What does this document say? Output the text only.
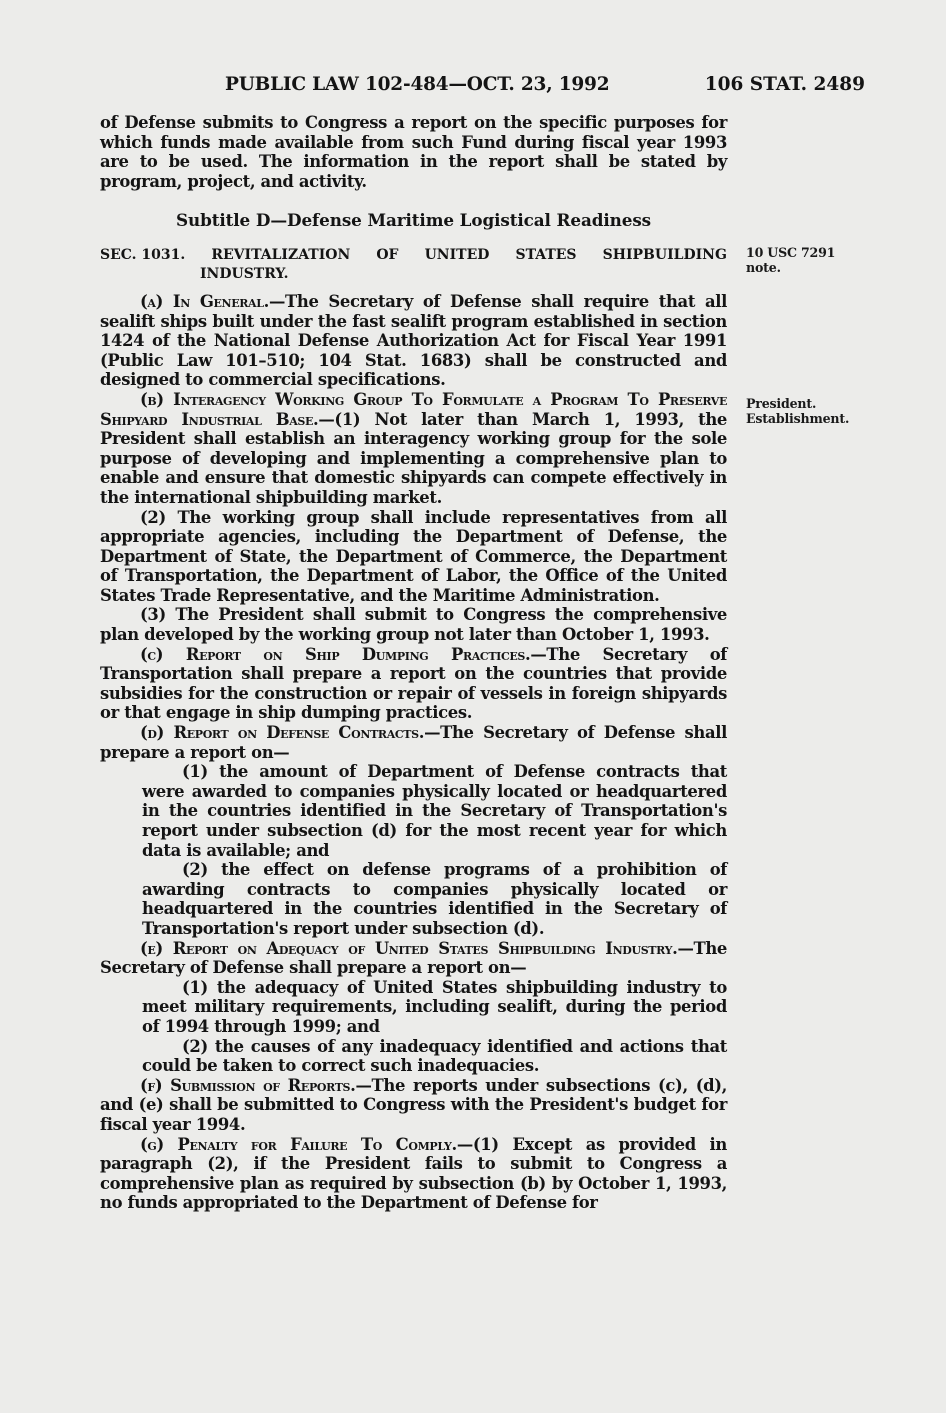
PUBLIC LAW 102-484—OCT. 23, 1992	106 STAT. 2489

of Defense submits to Congress a report on the specific purposes for which funds made available from such Fund during fiscal year 1993 are to be used. The information in the report shall be stated by program, project, and activity.

Subtitle D—Defense Maritime Logistical Readiness
SEC. 1031. REVITALIZATION OF UNITED STATES SHIPBUILDING
INDUSTRY.

(a) In General.—The Secretary of Defense shall require that all sealift ships built under the fast sealift program established in section 1424 of the National Defense Authorization Act for Fiscal Year 1991 (Public Law 101–510; 104 Stat. 1683) shall be constructed and designed to commercial specifications.

(b) Interagency Working Group To Formulate a Program To Preserve Shipyard Industrial Base.—(1) Not later than March 1, 1993, the President shall establish an interagency working group for the sole purpose of developing and implementing a comprehensive plan to enable and ensure that domestic shipyards can compete effectively in the international shipbuilding market.

(2) The working group shall include representatives from all appropriate agencies, including the Department of Defense, the Department of State, the Department of Commerce, the Department of Transportation, the Department of Labor, the Office of the United States Trade Representative, and the Maritime Administration.

(3) The President shall submit to Congress the comprehensive plan developed by the working group not later than October 1, 1993.

(c) Report on Ship Dumping Practices.—The Secretary of Transportation shall prepare a report on the countries that provide subsidies for the construction or repair of vessels in foreign shipyards or that engage in ship dumping practices.

(d) Report on Defense Contracts.—The Secretary of Defense shall prepare a report on—

(1) the amount of Department of Defense contracts that were awarded to companies physically located or headquartered in the countries identified in the Secretary of Transportation's report under subsection (d) for the most recent year for which data is available; and

(2) the effect on defense programs of a prohibition of awarding contracts to companies physically located or headquartered in the countries identified in the Secretary of Transportation's report under subsection (d).

(e) Report on Adequacy of United States Shipbuilding Industry.—The Secretary of Defense shall prepare a report on—

(1) the adequacy of United States shipbuilding industry to meet military requirements, including sealift, during the period of 1994 through 1999; and

(2) the causes of any inadequacy identified and actions that could be taken to correct such inadequacies.

(f) Submission of Reports.—The reports under subsections (c), (d), and (e) shall be submitted to Congress with the President's budget for fiscal year 1994.

(g) Penalty for Failure To Comply.—(1) Except as provided in paragraph (2), if the President fails to submit to Congress a comprehensive plan as required by subsection (b) by October 1, 1993, no funds appropriated to the Department of Defense for

10 USC 7291
note.
President.
Establishment.
